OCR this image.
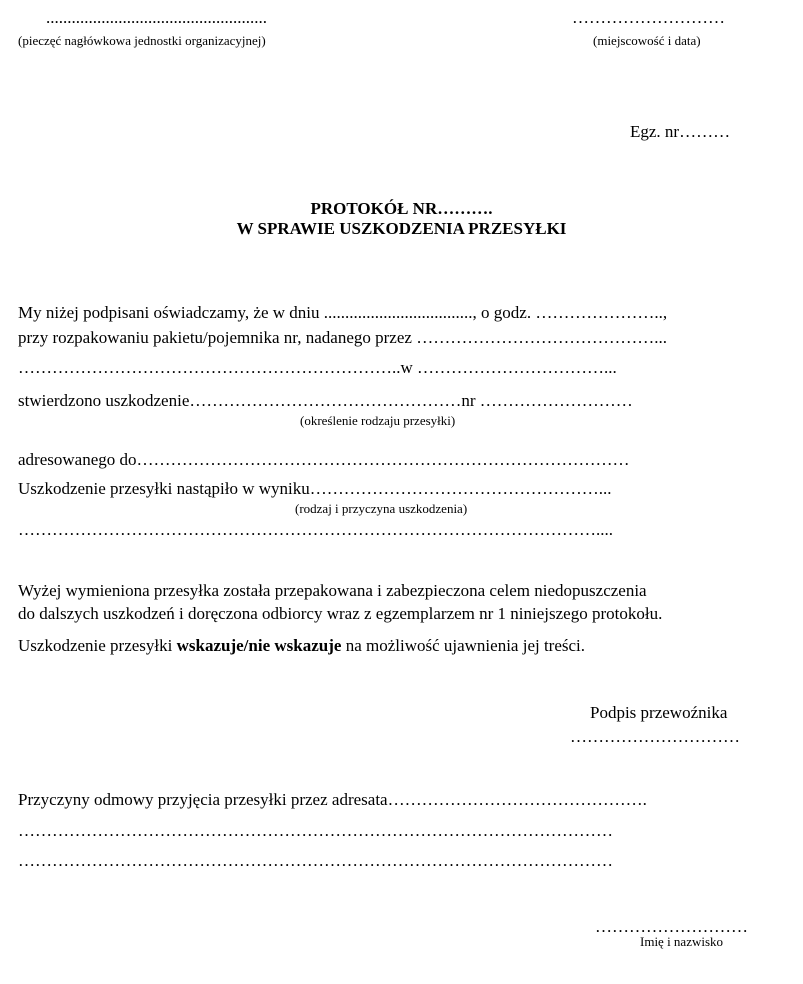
....................................................
(pieczęć nagłówkowa jednostki organizacyjnej)
………………………
(miejscowość i data)
Egz. nr………
PROTOKÓŁ NR……….
W SPRAWIE USZKODZENIA PRZESYŁKI
My niżej podpisani oświadczamy, że w dniu ..................................., o godz. …………………..,
przy rozpakowaniu pakietu/pojemnika nr, nadanego przez ……………………………………...
…………………………………………………………..w ……………………………...
stwierdzono uszkodzenie…………………………………………nr ………………………
(określenie rodzaju przesyłki)
adresowanego do……………………………………………………………………………
Uszkodzenie przesyłki nastąpiło w wyniku……………………………………………...
(rodzaj i przyczyna uszkodzenia)
…………………………………………………………………………………………....
Wyżej wymieniona przesyłka została przepakowana i zabezpieczona celem niedopuszczenia
do dalszych uszkodzeń i doręczona odbiorcy wraz z egzemplarzem nr 1 niniejszego protokołu.
Uszkodzenie przesyłki wskazuje/nie wskazuje na możliwość ujawnienia jej treści.
Podpis przewoźnika
…………………………
Przyczyny odmowy przyjęcia przesyłki przez adresata……………………………………….
……………………………………………………………………………………………
……………………………………………………………………………………………
………………………
Imię i nazwisko
